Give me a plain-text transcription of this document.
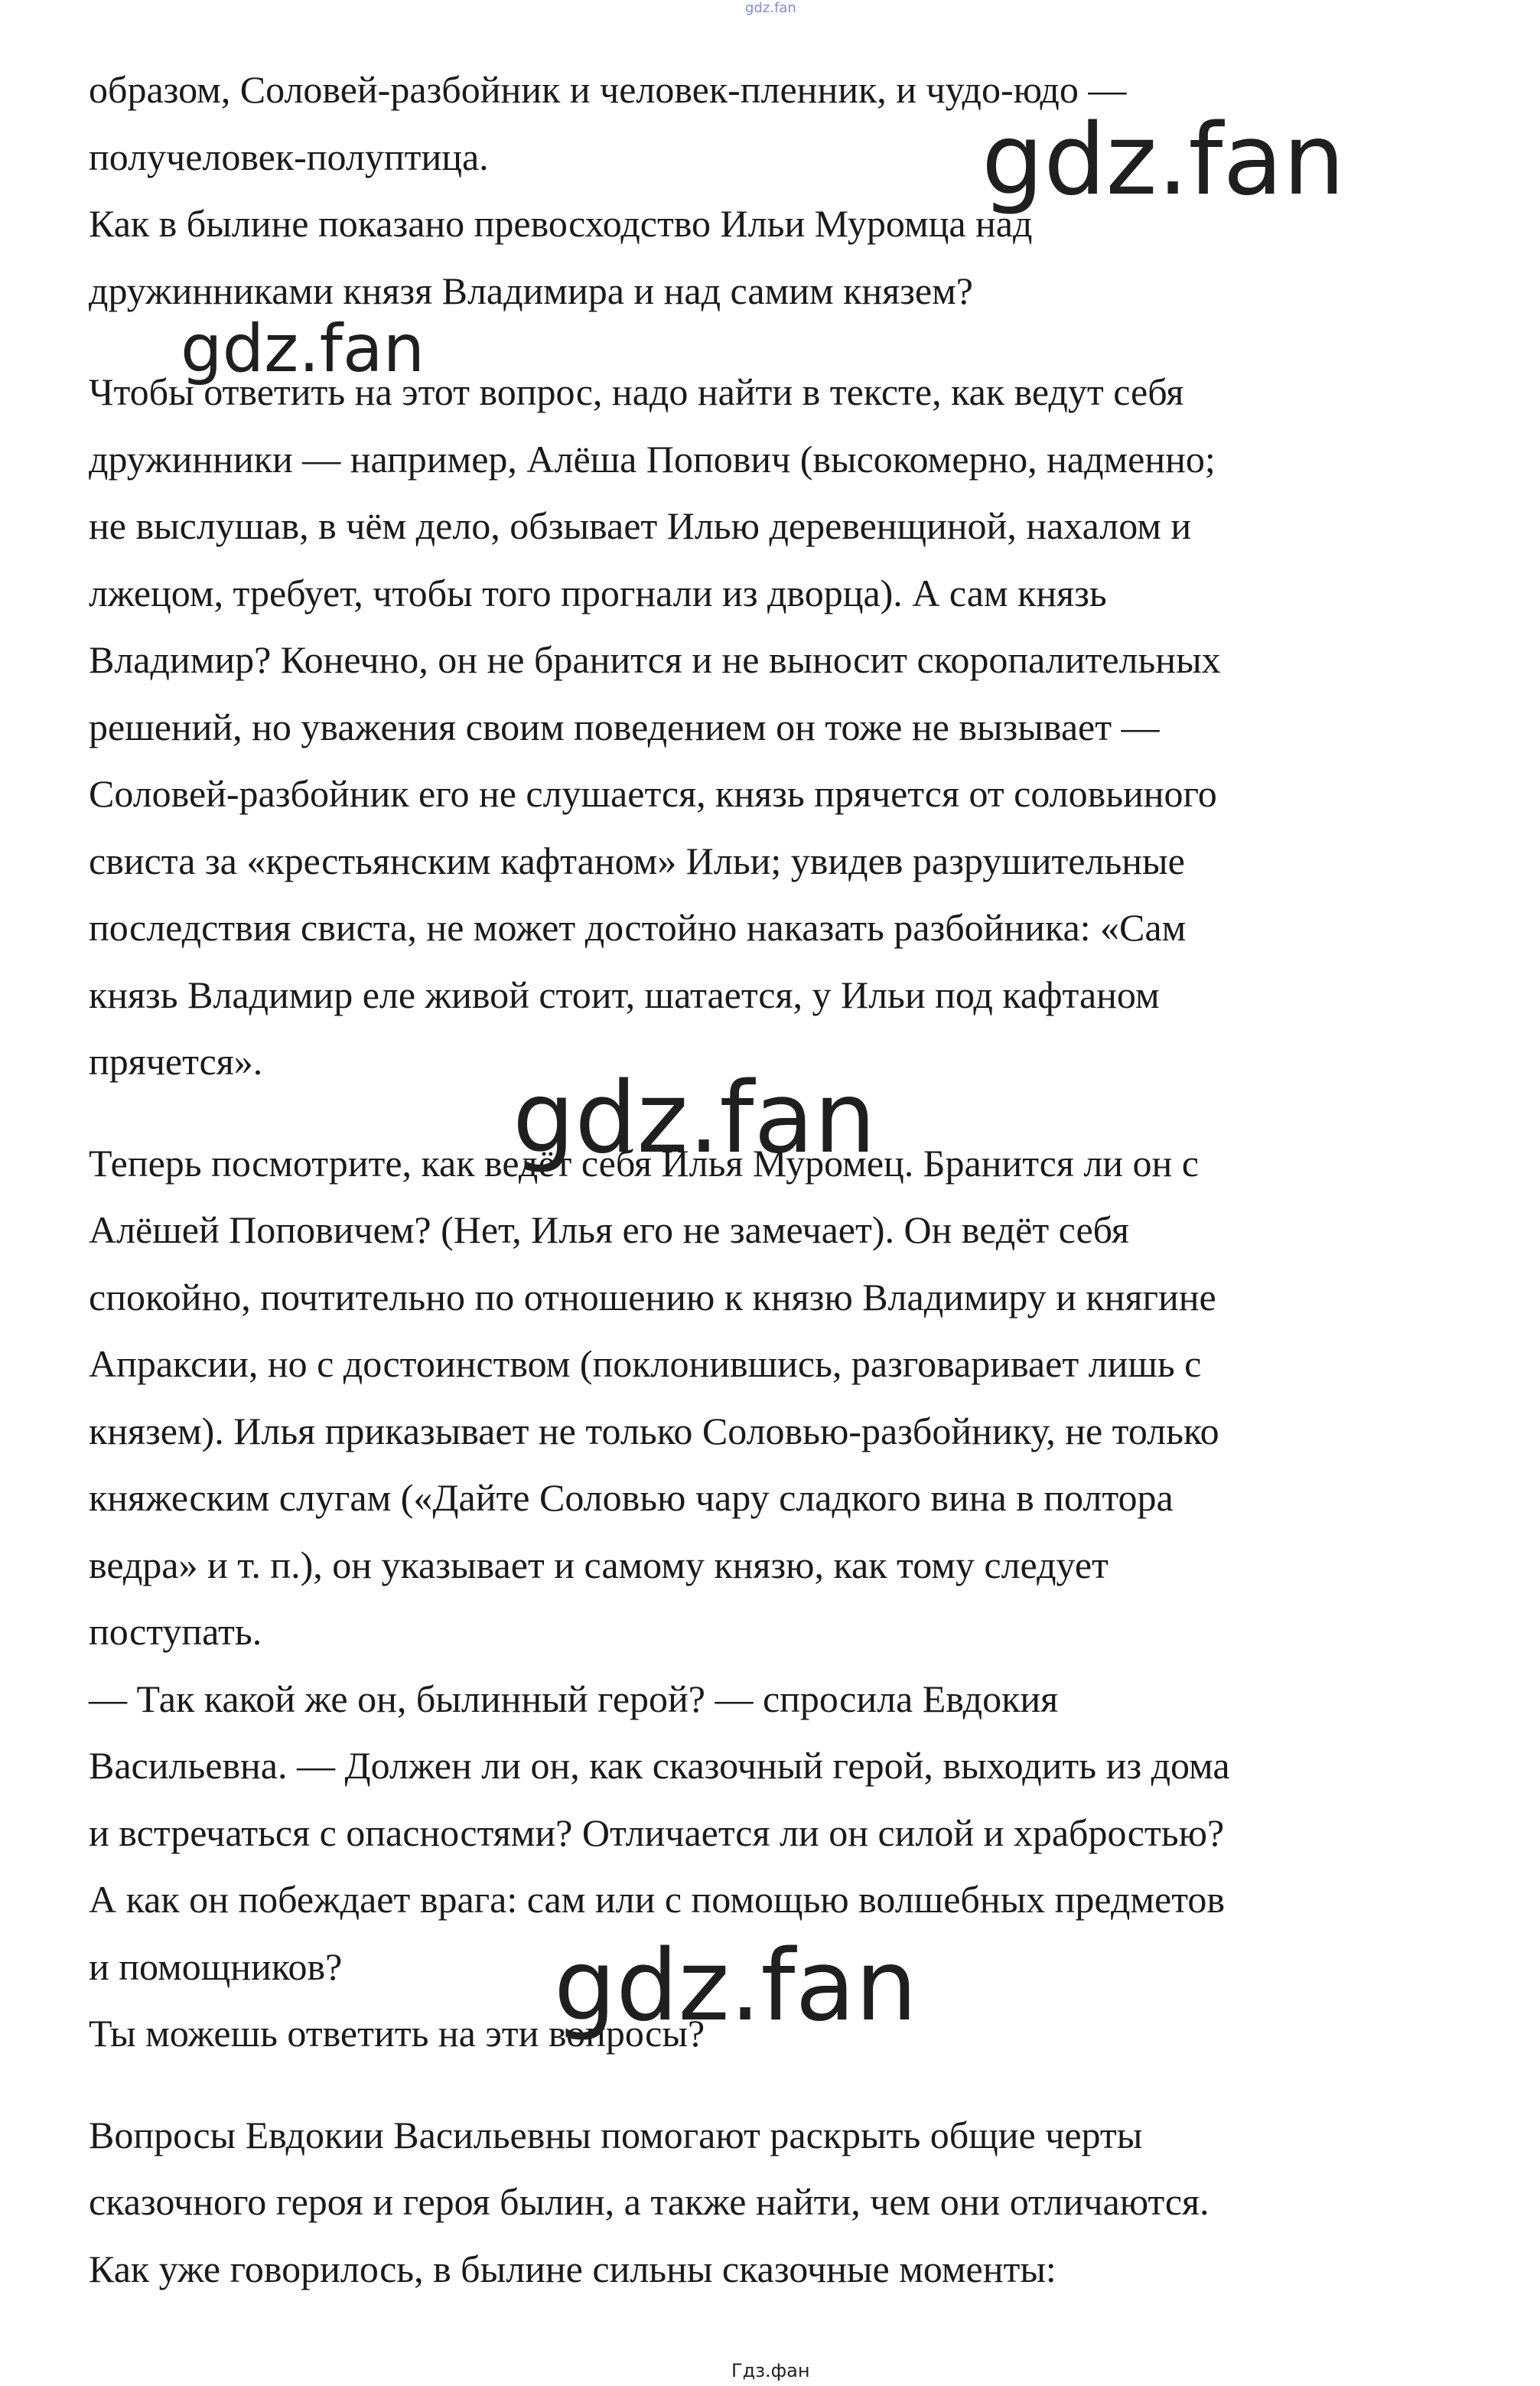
gdz.fan

образом, Соловей-разбойник и человек-пленник, и чудо-юдо —
получеловек-полуптица.
Как в былине показано превосходство Ильи Муромца над
дружинниками князя Владимира и над самим князем?

Чтобы ответить на этот вопрос, надо найти в тексте, как ведут себя
дружинники — например, Алёша Попович (высокомерно, надменно;
не выслушав, в чём дело, обзывает Илью деревенщиной, нахалом и
лжецом, требует, чтобы того прогнали из дворца). А сам князь
Владимир? Конечно, он не бранится и не выносит скоропалительных
решений, но уважения своим поведением он тоже не вызывает —
Соловей-разбойник его не слушается, князь прячется от соловьиного
свиста за «крестьянским кафтаном» Ильи; увидев разрушительные
последствия свиста, не может достойно наказать разбойника: «Сам
князь Владимир еле живой стоит, шатается, у Ильи под кафтаном
прячется».

Теперь посмотрите, как ведёт себя Илья Муромец. Бранится ли он с
Алёшей Поповичем? (Нет, Илья его не замечает). Он ведёт себя
спокойно, почтительно по отношению к князю Владимиру и княгине
Апраксии, но с достоинством (поклонившись, разговаривает лишь с
князем). Илья приказывает не только Соловью-разбойнику, не только
княжеским слугам («Дайте Соловью чару сладкого вина в полтора
ведра» и т. п.), он указывает и самому князю, как тому следует
поступать.
— Так какой же он, былинный герой? — спросила Евдокия
Васильевна. — Должен ли он, как сказочный герой, выходить из дома
и встречаться с опасностями? Отличается ли он силой и храбростью?
А как он побеждает врага: сам или с помощью волшебных предметов
и помощников?
Ты можешь ответить на эти вопросы?

Вопросы Евдокии Васильевны помогают раскрыть общие черты
сказочного героя и героя былин, а также найти, чем они отличаются.
Как уже говорилось, в былине сильны сказочные моменты:

gdz.fan
gdz.fan
gdz.fan
gdz.fan
Гдз.фан
